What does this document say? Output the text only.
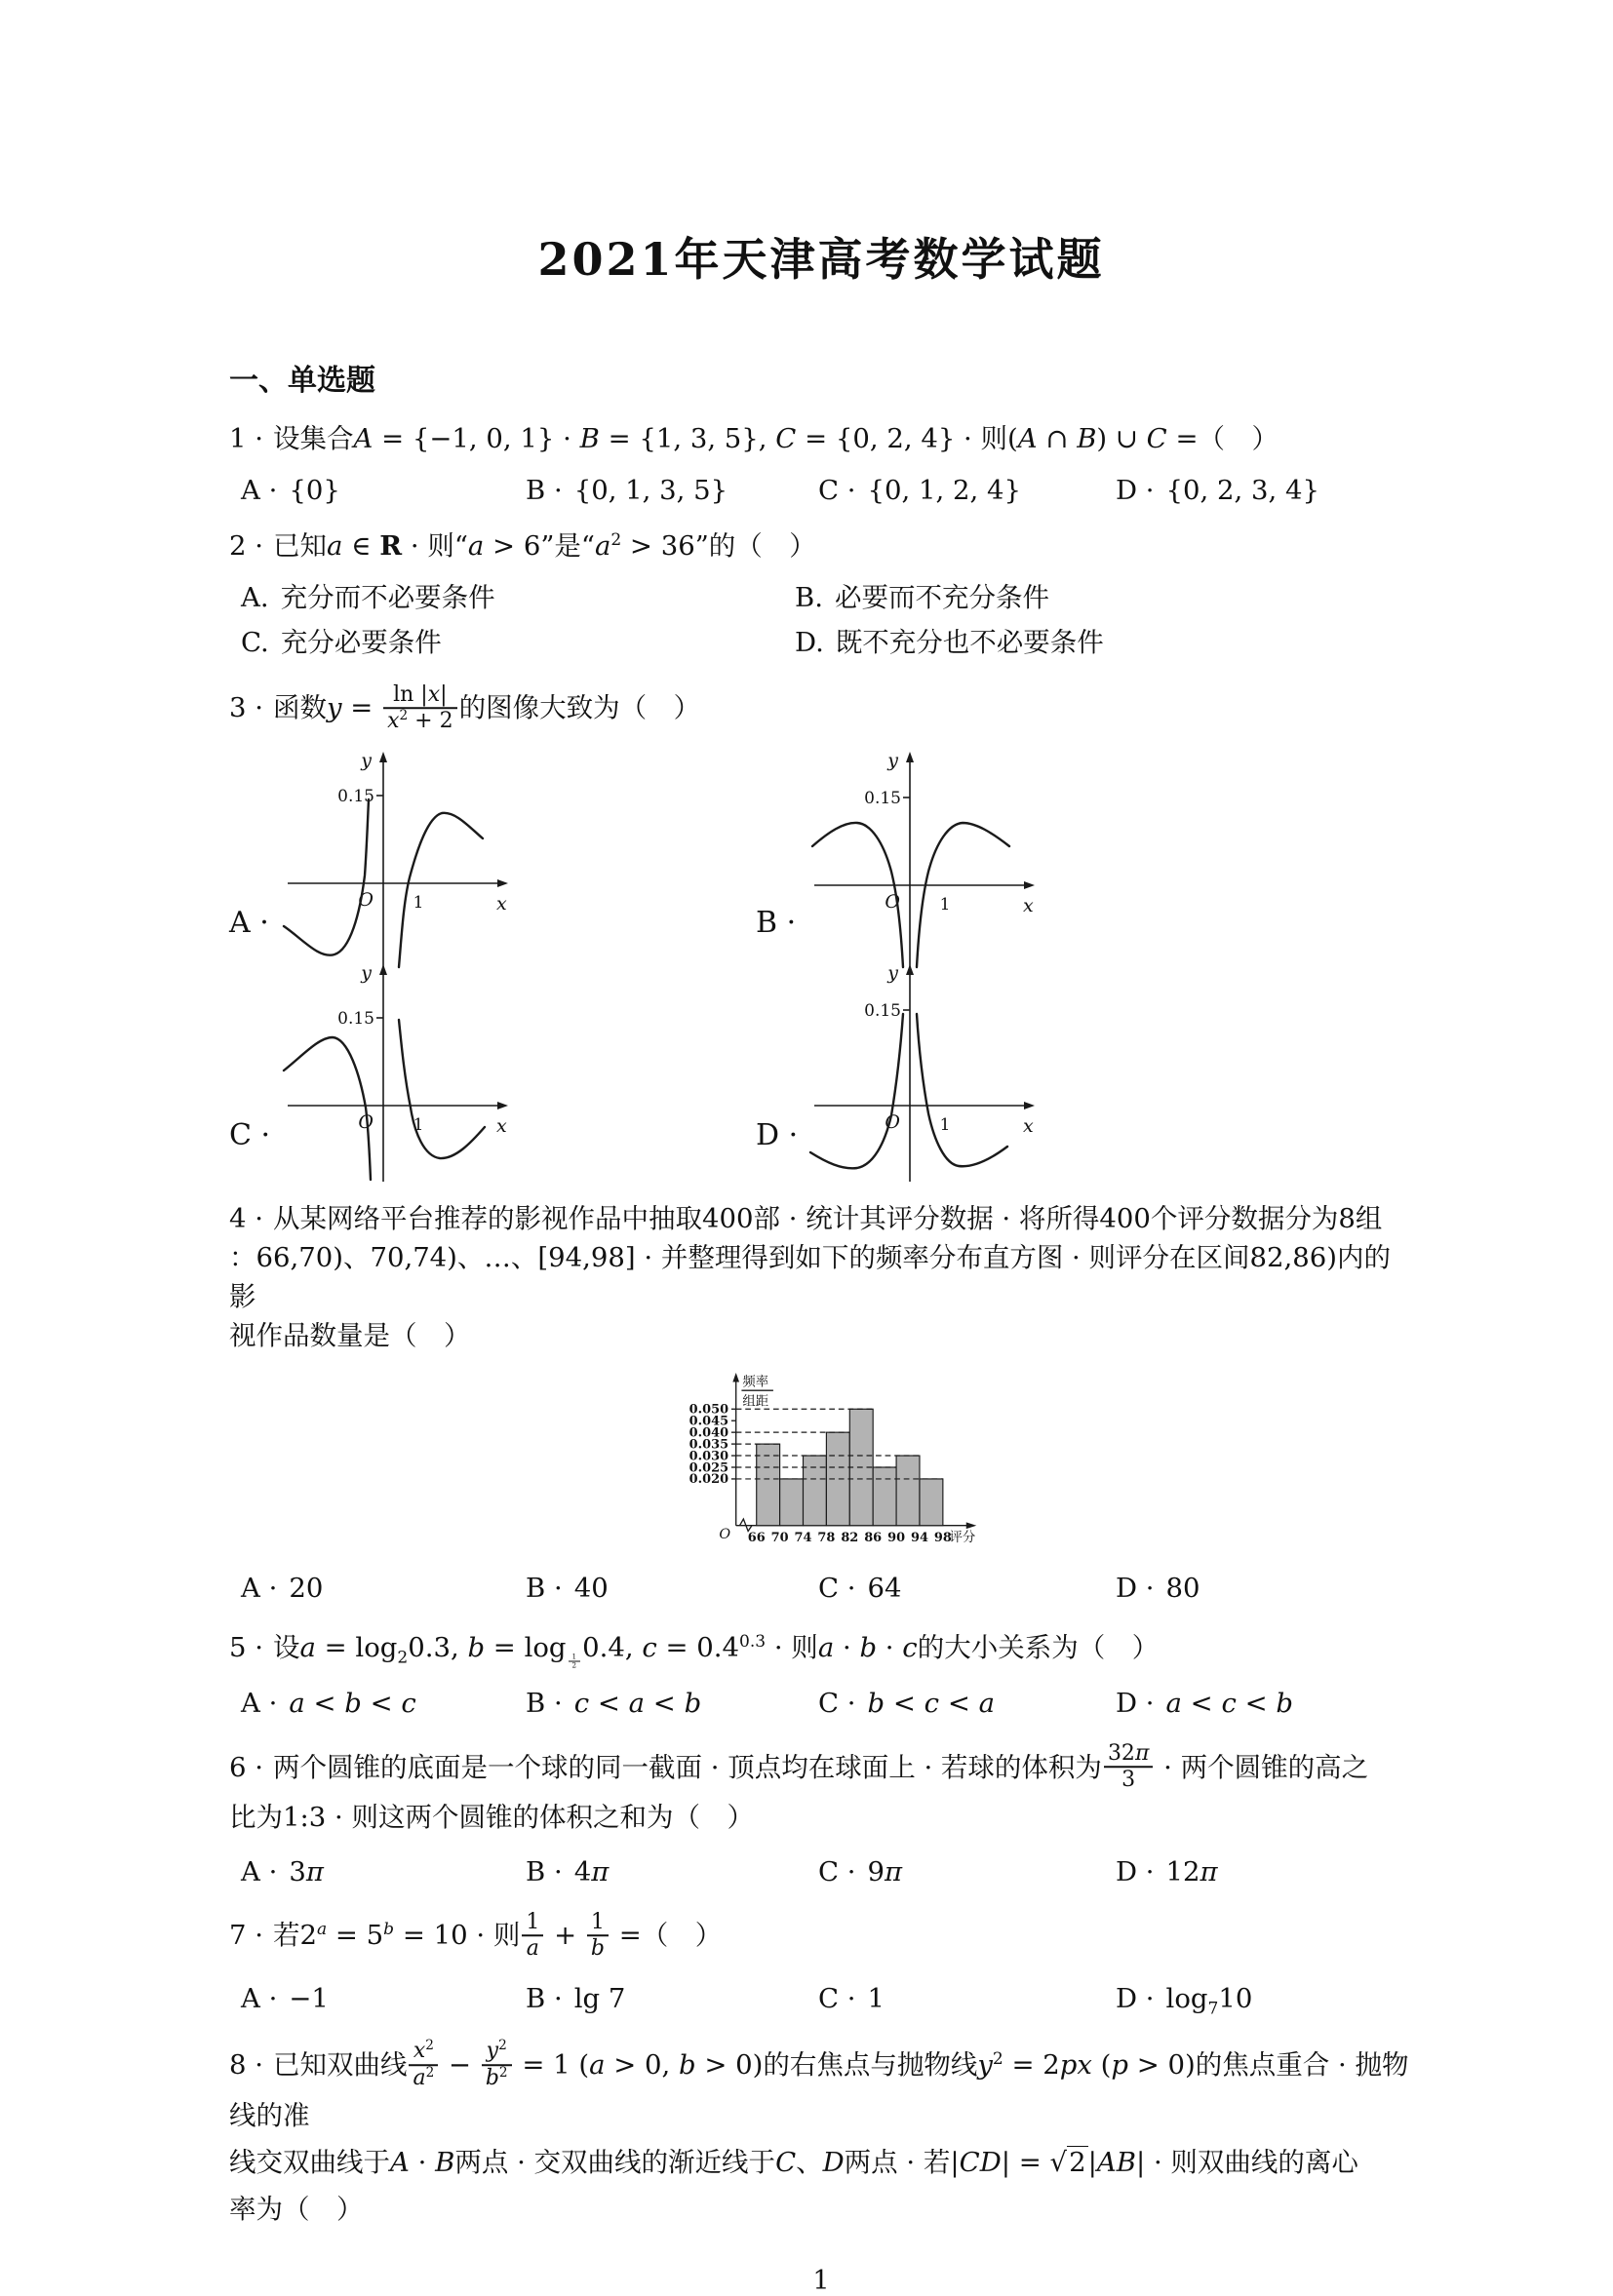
2021年天津高考数学试题
一、单选题
1 · 设集合A = {−1, 0, 1} · B = {1, 3, 5}, C = {0, 2, 4} · 则(A ∩ B) ∪ C =（　）
A · {0}	B · {0, 1, 3, 5}	C · {0, 1, 2, 4}	D · {0, 2, 3, 4}
2 · 已知a ∈ R · 则“a > 6”是“$a^2 > 36$”的（　）
A. 充分而不必要条件	B. 必要而不充分条件
C. 充分必要条件	D. 既不充分也不必要条件
3 · 函数$y = \frac{\ln |x|}{x^2 + 2}$ 的图像大致为（　）
A ·
0.15
1
O
y
x
B ·
0.15
1
O
y
x
C ·
0.15
1
O
y
x	D ·
0.15
1
O
y
x
4 · 从某网络平台推荐的影视作品中抽取400部 · 统计其评分数据 · 将所得400个评分数据分为8组
：66,70)、70,74)、…、[94,98] · 并整理得到如下的频率分布直方图 · 则评分在区间82,86)内的影
视作品数量是（　）
0.020
0.025
0.030
0.035
0.040
0.045
0.050
66 70 74 78 82 86 90 94 98
频率
组距
评分
O
A · 20	B · 40	C · 64	D · 80
5 · 设$a = \log_20.3$, b = log $_{\frac{1}{2}}$ 0.4, $c = 0.4^{0.3}$ · 则a · b · c的大小关系为（　）
A · a < b < c	B · c < a < b	C · b < c < a	D · a < c < b
6 · 两个圆锥的底面是一个球的同一截面 · 顶点均在球面上 · 若球的体积为 $\frac{32\pi}{3}$ · 两个圆锥的高之
比为1:3 · 则这两个圆锥的体积之和为（　）
A · 3π	B · 4π	C · 9π	D · 12π
7 · 若$2^a = 5^b = 10$ · 则 $\frac{1}{a} + \frac{1}{b}$ =（　）
A · −1	B · lg 7	C · 1	$D \cdot \log_710$
8 · 已知双曲线 $\frac{x^2}{a^2} - \frac{y^2}{b^2} = 1$ (a > 0, b > 0)的右焦点与抛物线$y^2 = 2px$ (p > 0)的焦点重合 · 抛物线的准
线交双曲线于A · B两点 · 交双曲线的渐近线于C、D两点 · 若|CD| = √2|AB| · 则双曲线的离心
率为（　）
1
